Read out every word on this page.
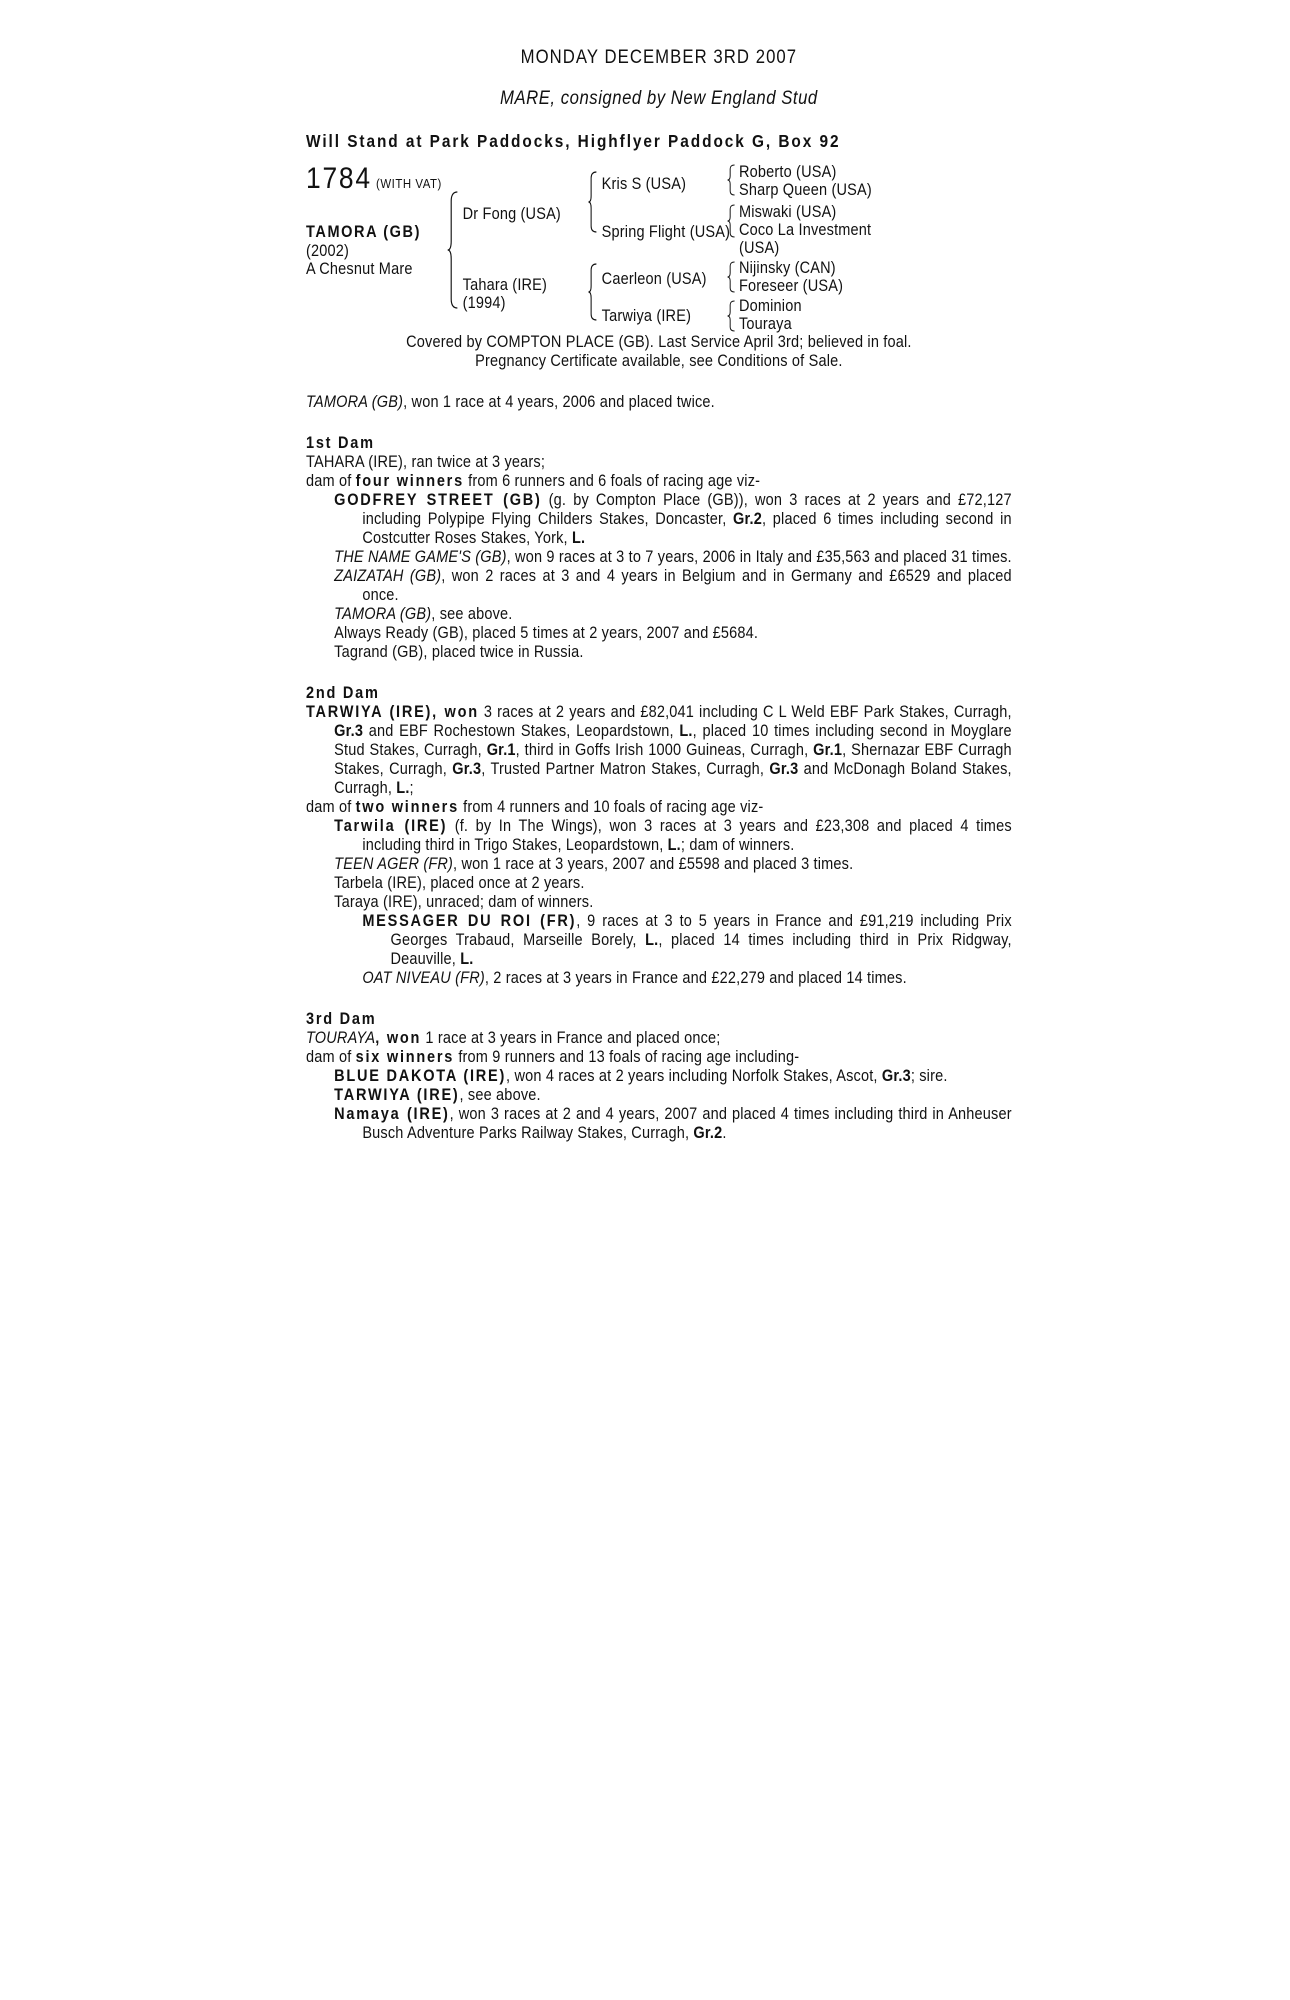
MONDAY DECEMBER 3RD 2007

MARE, consigned by New England Stud

Will Stand at Park Paddocks, Highflyer Paddock G, Box 92

1784 (WITH VAT)
TAMORA (GB)
(2002)
A Chesnut Mare
Dr Fong (USA)
Tahara (IRE)
(1994)
Kris S (USA)
Spring Flight (USA)
Caerleon (USA)
Tarwiya (IRE)
Roberto (USA)
Sharp Queen (USA)
Miswaki (USA)
Coco La Investment
(USA)
Nijinsky (CAN)
Foreseer (USA)
Dominion
Touraya

Covered by COMPTON PLACE (GB). Last Service April 3rd; believed in foal.

Pregnancy Certificate available, see Conditions of Sale.

TAMORA (GB), won 1 race at 4 years, 2006 and placed twice.

1st Dam

TAHARA (IRE), ran twice at 3 years;

dam of four winners from 6 runners and 6 foals of racing age viz-

GODFREY STREET (GB) (g. by Compton Place (GB)), won 3 races at 2 years and £72,127 including Polypipe Flying Childers Stakes, Doncaster, Gr.2, placed 6 times including second in Costcutter Roses Stakes, York, L.

THE NAME GAME'S (GB), won 9 races at 3 to 7 years, 2006 in Italy and £35,563 and placed 31 times.

ZAIZATAH (GB), won 2 races at 3 and 4 years in Belgium and in Germany and £6529 and placed once.

TAMORA (GB), see above.

Always Ready (GB), placed 5 times at 2 years, 2007 and £5684.

Tagrand (GB), placed twice in Russia.

2nd Dam

TARWIYA (IRE), won 3 races at 2 years and £82,041 including C L Weld EBF Park Stakes, Curragh, Gr.3 and EBF Rochestown Stakes, Leopardstown, L., placed 10 times including second in Moyglare Stud Stakes, Curragh, Gr.1, third in Goffs Irish 1000 Guineas, Curragh, Gr.1, Shernazar EBF Curragh Stakes, Curragh, Gr.3, Trusted Partner Matron Stakes, Curragh, Gr.3 and McDonagh Boland Stakes, Curragh, L.;

dam of two winners from 4 runners and 10 foals of racing age viz-

Tarwila (IRE) (f. by In The Wings), won 3 races at 3 years and £23,308 and placed 4 times including third in Trigo Stakes, Leopardstown, L.; dam of winners.

TEEN AGER (FR), won 1 race at 3 years, 2007 and £5598 and placed 3 times.

Tarbela (IRE), placed once at 2 years.

Taraya (IRE), unraced; dam of winners.

MESSAGER DU ROI (FR), 9 races at 3 to 5 years in France and £91,219 including Prix Georges Trabaud, Marseille Borely, L., placed 14 times including third in Prix Ridgway, Deauville, L.

OAT NIVEAU (FR), 2 races at 3 years in France and £22,279 and placed 14 times.

3rd Dam

TOURAYA, won 1 race at 3 years in France and placed once;

dam of six winners from 9 runners and 13 foals of racing age including-

BLUE DAKOTA (IRE), won 4 races at 2 years including Norfolk Stakes, Ascot, Gr.3; sire.

TARWIYA (IRE), see above.

Namaya (IRE), won 3 races at 2 and 4 years, 2007 and placed 4 times including third in Anheuser Busch Adventure Parks Railway Stakes, Curragh, Gr.2.
